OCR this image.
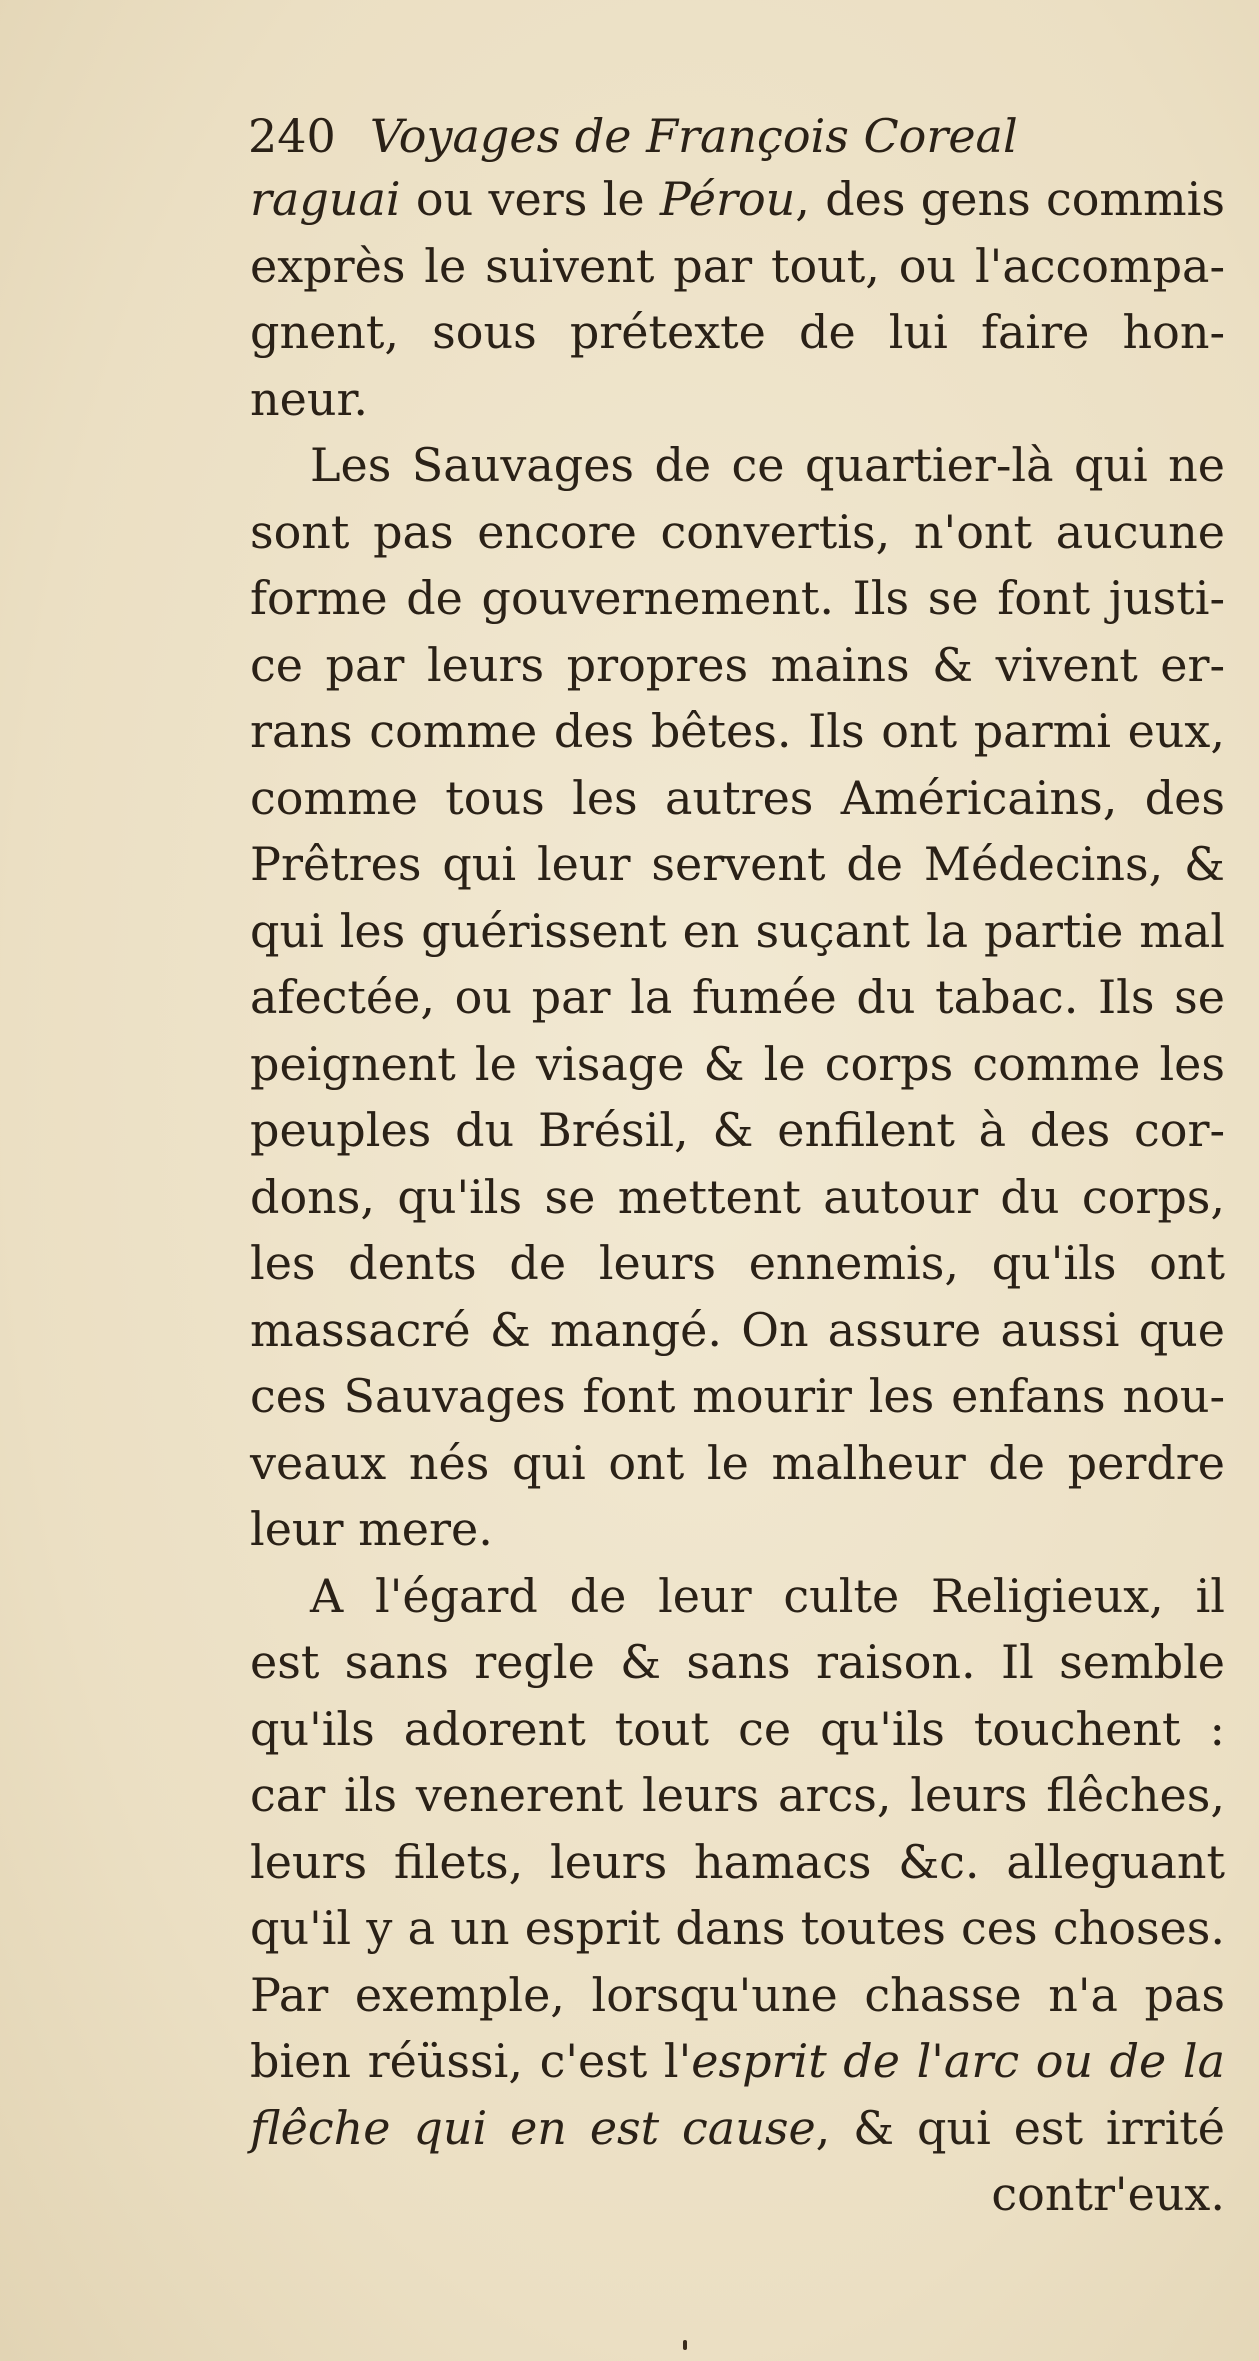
240 Voyages de François Coreal
raguai ou vers le Pérou, des gens commis
exprès le suivent par tout, ou l'accompa-
gnent, sous prétexte de lui faire hon-
neur.
Les Sauvages de ce quartier-là qui ne
sont pas encore convertis, n'ont aucune
forme de gouvernement. Ils se font justi-
ce par leurs propres mains & vivent er-
rans comme des bêtes. Ils ont parmi eux,
comme tous les autres Américains, des
Prêtres qui leur servent de Médecins, &
qui les guérissent en suçant la partie mal
afectée, ou par la fumée du tabac. Ils se
peignent le visage & le corps comme les
peuples du Brésil, & enfilent à des cor-
dons, qu'ils se mettent autour du corps,
les dents de leurs ennemis, qu'ils ont
massacré & mangé. On assure aussi que
ces Sauvages font mourir les enfans nou-
veaux nés qui ont le malheur de perdre
leur mere.
A l'égard de leur culte Religieux, il
est sans regle & sans raison. Il semble
qu'ils adorent tout ce qu'ils touchent :
car ils venerent leurs arcs, leurs flêches,
leurs filets, leurs hamacs &c. alleguant
qu'il y a un esprit dans toutes ces choses.
Par exemple, lorsqu'une chasse n'a pas
bien réüssi, c'est l'esprit de l'arc ou de la
flêche qui en est cause, & qui est irrité
contr'eux.
